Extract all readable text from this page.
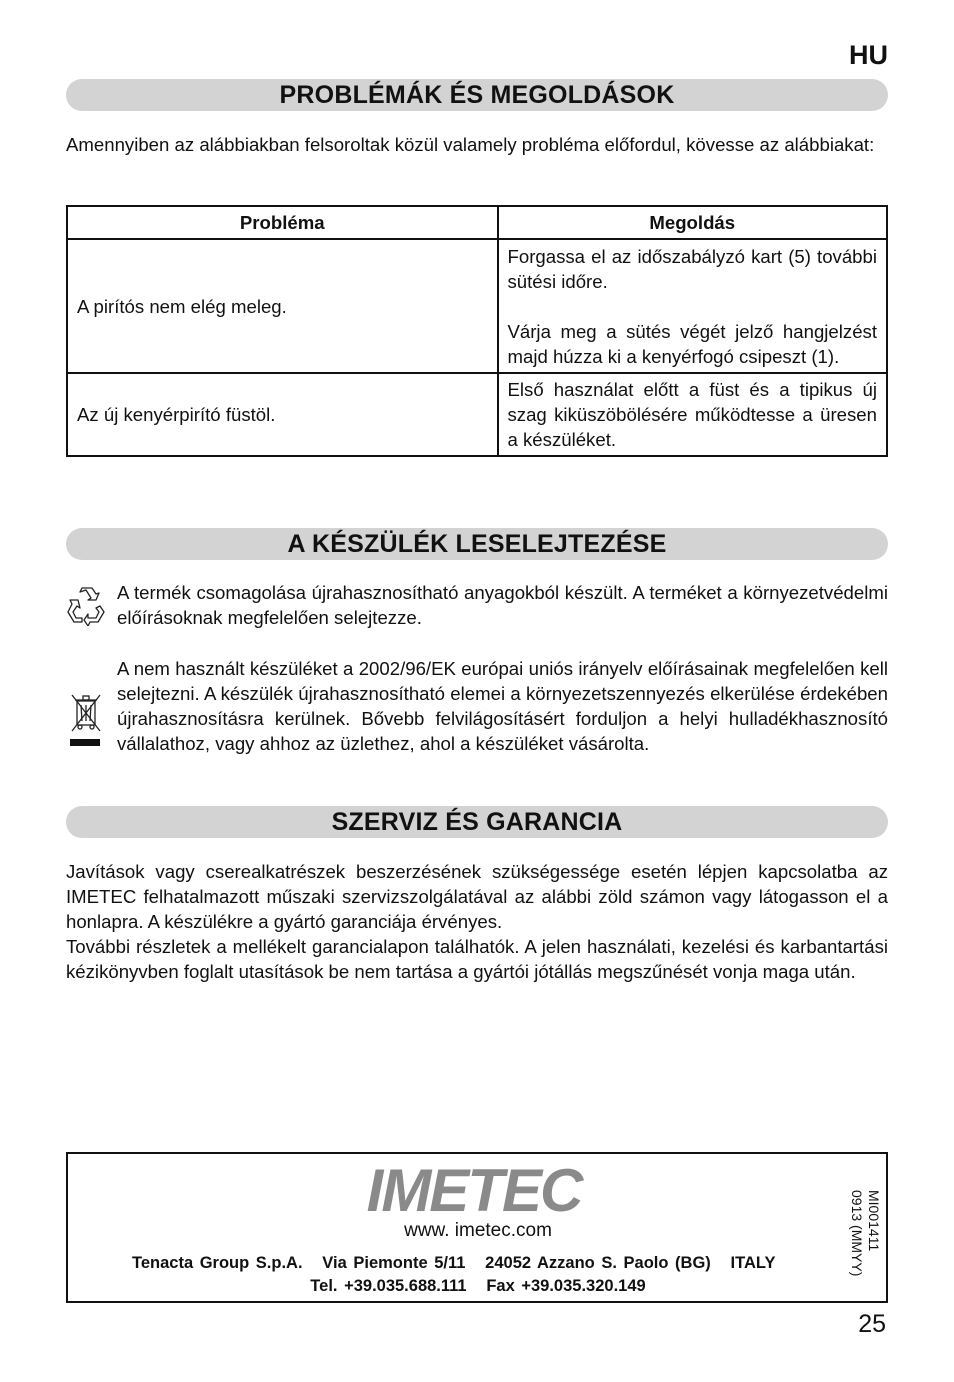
HU
PROBLÉMÁK ÉS MEGOLDÁSOK

Amennyiben az alábbiakban felsoroltak közül valamely probléma előfordul, kövesse az alábbiakat:

Probléma	Megoldás
A pirítós nem elég meleg.	Forgassa el az időszabályzó kart (5) további sütési időre.
Várja meg a sütés végét jelző hangjelzést majd húzza ki a kenyérfogó csipeszt (1).

Az új kenyérpirító füstöl.	Első használat előtt a füst és a tipikus új szag kiküszöbölésére működtesse a üresen a készüléket.
A KÉSZÜLÉK LESELEJTEZÉSE
A termék csomagolása újrahasznosítható anyagokból készült. A terméket a környezetvédelmi előírásoknak megfelelően selejtezze.
A nem használt készüléket a 2002/96/EK európai uniós irányelv előírásainak megfelelően kell selejtezni. A készülék újrahasznosítható elemei a környezetszennyezés elkerülése érdekében újrahasznosításra kerülnek. Bővebb felvilágosításért forduljon a helyi hulladékhasznosító vállalathoz, vagy ahhoz az üzlethez, ahol a készüléket vásárolta.
SZERVIZ ÉS GARANCIA

Javítások vagy cserealkatrészek beszerzésének szükségessége esetén lépjen kapcsolatba az IMETEC felhatalmazott műszaki szervizszolgálatával az alábbi zöld számon vagy látogasson el a honlapra. A készülékre a gyártó garanciája érvényes.

További részletek a mellékelt garancialapon találhatók. A jelen használati, kezelési és karbantartási kézikönyvben foglalt utasítások be nem tartása a gyártói jótállás megszűnését vonja maga után.

IMETEC
www. imetec.com
Tenacta Group S.p.A.   Via Piemonte 5/11   24052 Azzano S. Paolo (BG)   ITALY
Tel. +39.035.688.111   Fax +39.035.320.149
MI001411
0913 (MMYY)
25
